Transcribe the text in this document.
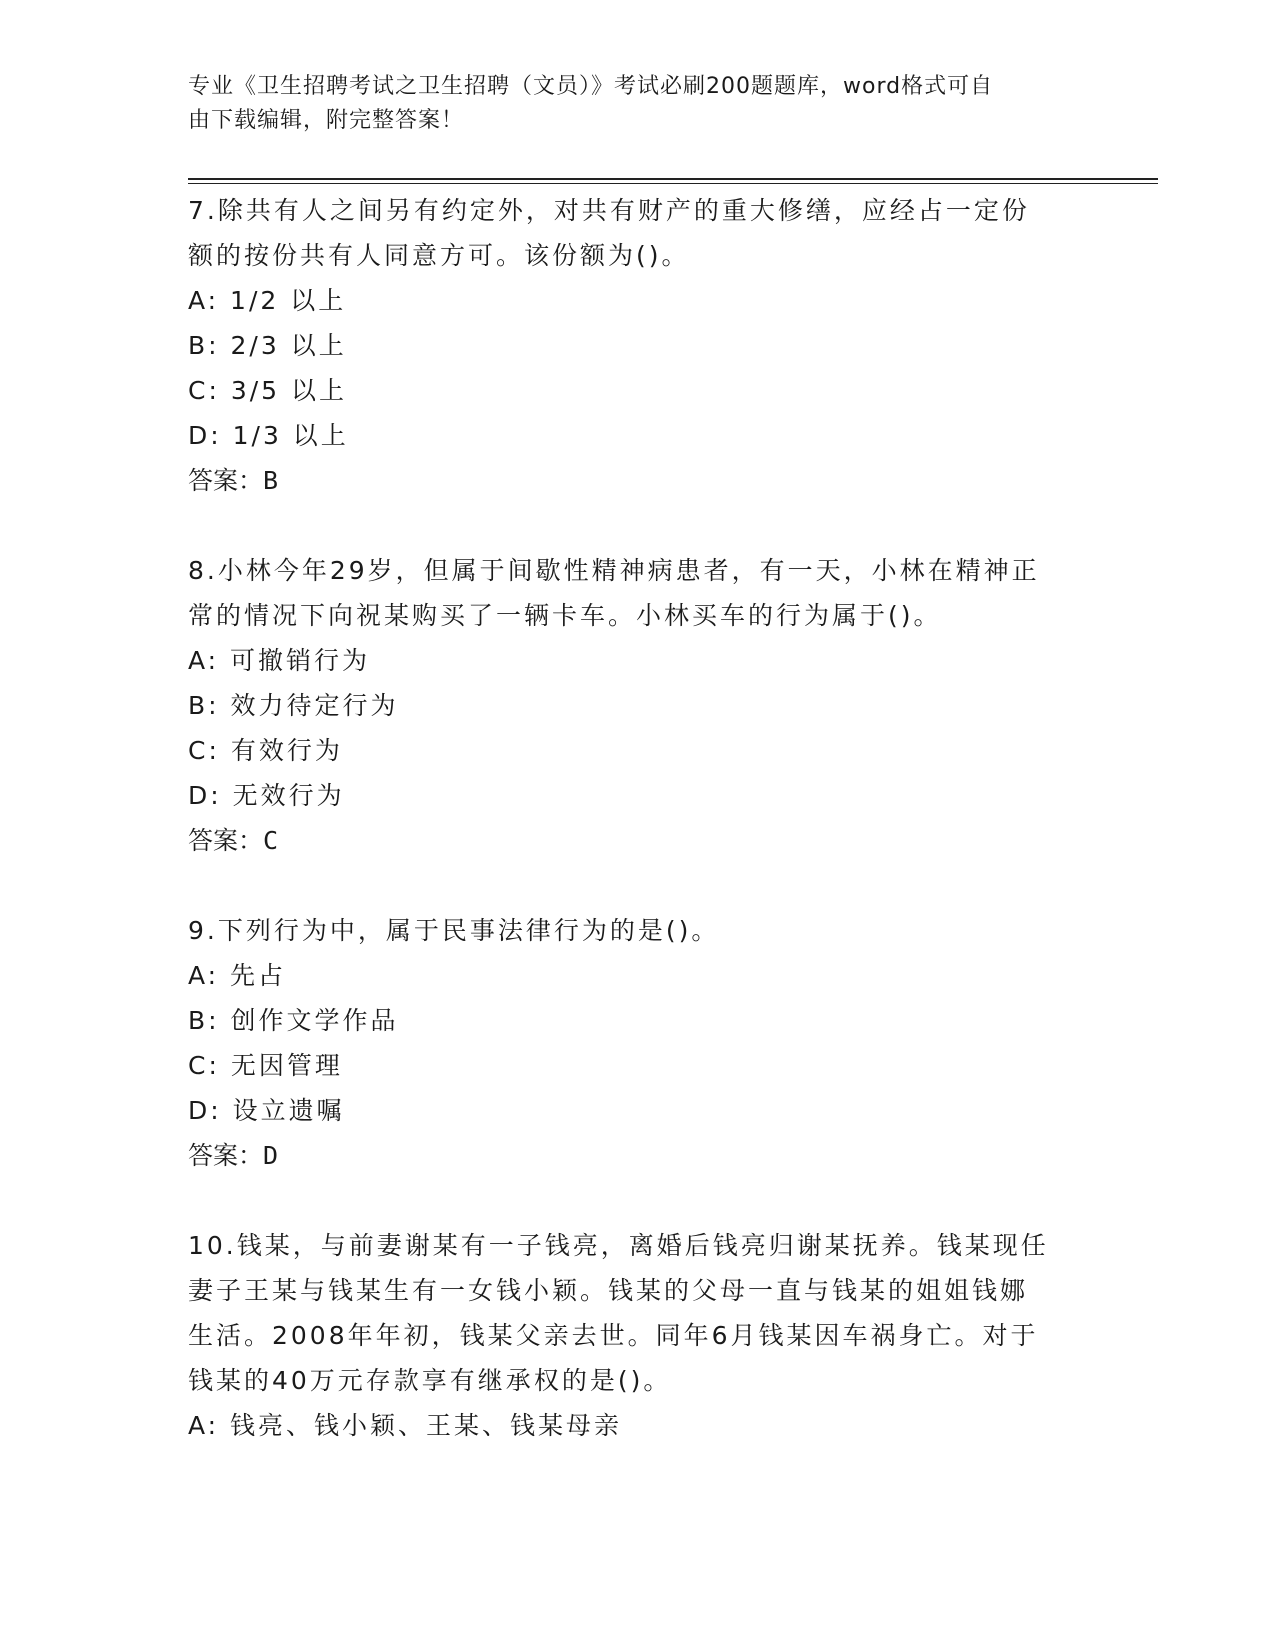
专业《卫生招聘考试之卫生招聘（文员）》考试必刷200题题库，word格式可自
由下载编辑，附完整答案！

7.除共有人之间另有约定外，对共有财产的重大修缮，应经占一定份

额的按份共有人同意方可。该份额为()。

A: 1/2 以上

B: 2/3 以上

C: 3/5 以上

D: 1/3 以上

答案：B

8.小林今年29岁，但属于间歇性精神病患者，有一天，小林在精神正

常的情况下向祝某购买了一辆卡车。小林买车的行为属于()。

A: 可撤销行为

B: 效力待定行为

C: 有效行为

D: 无效行为

答案：C

9.下列行为中，属于民事法律行为的是()。

A: 先占

B: 创作文学作品

C: 无因管理

D: 设立遗嘱

答案：D

10.钱某，与前妻谢某有一子钱亮，离婚后钱亮归谢某抚养。钱某现任

妻子王某与钱某生有一女钱小颖。钱某的父母一直与钱某的姐姐钱娜

生活。2008年年初，钱某父亲去世。同年6月钱某因车祸身亡。对于

钱某的40万元存款享有继承权的是()。

A: 钱亮、钱小颖、王某、钱某母亲
